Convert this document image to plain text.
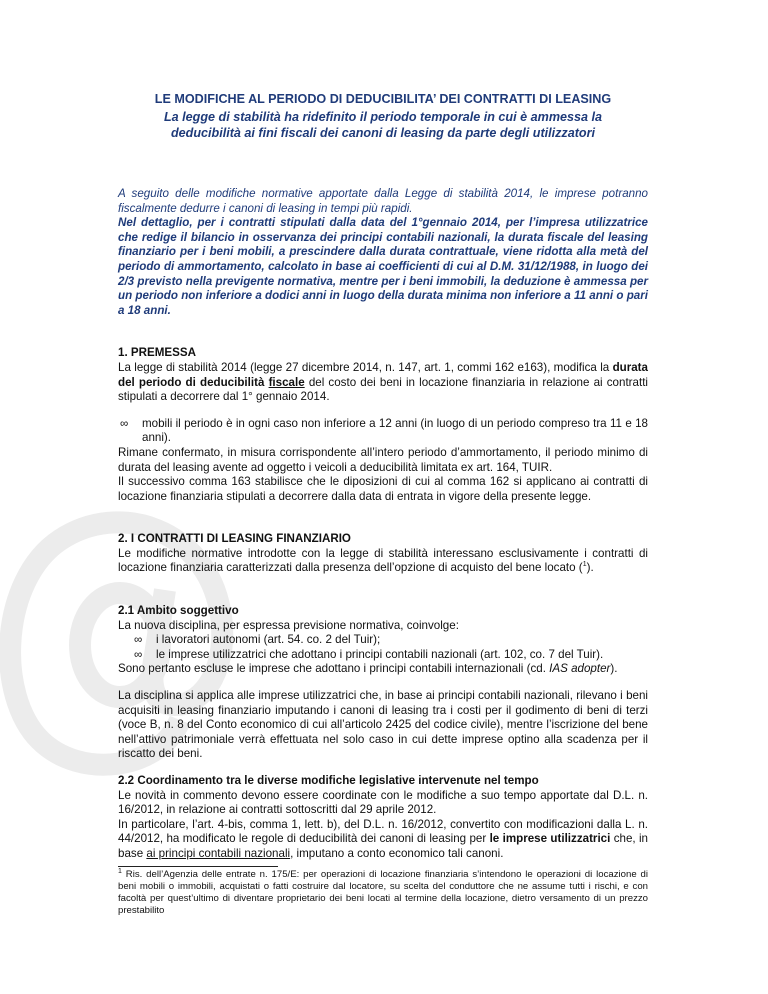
LE MODIFICHE AL PERIODO DI DEDUCIBILITA’ DEI CONTRATTI DI LEASING

La legge di stabilità ha ridefinito il periodo temporale in cui è ammessa la
deducibilità ai fini fiscali dei canoni di leasing da parte degli utilizzatori

A seguito delle modifiche normative apportate dalla Legge di stabilità 2014, le imprese potranno fiscalmente dedurre i canoni di leasing in tempi più rapidi.

Nel dettaglio, per i contratti stipulati dalla data del 1°gennaio 2014, per l’impresa utilizzatrice che redige il bilancio in osservanza dei principi contabili nazionali, la durata fiscale del leasing finanziario per i beni mobili, a prescindere dalla durata contrattuale, viene ridotta alla metà del periodo di ammortamento, calcolato in base ai coefficienti di cui al D.M. 31/12/1988, in luogo dei 2/3 previsto nella previgente normativa, mentre per i beni immobili, la deduzione è ammessa per un periodo non inferiore a dodici anni in luogo della durata minima non inferiore a 11 anni o pari a 18 anni.

1. PREMESSA

La legge di stabilità 2014 (legge 27 dicembre 2014, n. 147, art. 1, commi 162 e163), modifica la durata del periodo di deducibilità fiscale del costo dei beni in locazione finanziaria in relazione ai contratti stipulati a decorrere dal 1° gennaio 2014.

∞	mobili il periodo è in ogni caso non inferiore a 12 anni (in luogo di un periodo compreso tra 11 e 18 anni).

Rimane confermato, in misura corrispondente all’intero periodo d’ammortamento, il periodo minimo di durata del leasing avente ad oggetto i veicoli a deducibilità limitata ex art. 164, TUIR.

Il successivo comma 163 stabilisce che le diposizioni di cui al comma 162 si applicano ai contratti di locazione finanziaria stipulati a decorrere dalla data di entrata in vigore della presente legge.

2. I CONTRATTI DI LEASING FINANZIARIO

Le modifiche normative introdotte con la legge di stabilità interessano esclusivamente i contratti di locazione finanziaria caratterizzati dalla presenza dell’opzione di acquisto del bene locato ($^1$).

2.1 Ambito soggettivo

La nuova disciplina, per espressa previsione normativa, coinvolge:

∞	i lavoratori autonomi (art. 54. co. 2 del Tuir);
∞	le imprese utilizzatrici che adottano i principi contabili nazionali (art. 102, co. 7 del Tuir).

Sono pertanto escluse le imprese che adottano i principi contabili internazionali (cd. IAS adopter).

La disciplina si applica alle imprese utilizzatrici che, in base ai principi contabili nazionali, rilevano i beni acquisiti in leasing finanziario imputando i canoni di leasing tra i costi per il godimento di beni di terzi (voce B, n. 8 del Conto economico di cui all’articolo 2425 del codice civile), mentre l’iscrizione del bene nell’attivo patrimoniale verrà effettuata nel solo caso in cui dette imprese optino alla scadenza per il riscatto dei beni.

2.2 Coordinamento tra le diverse modifiche legislative intervenute nel tempo

Le novità in commento devono essere coordinate con le modifiche a suo tempo apportate dal D.L. n. 16/2012, in relazione ai contratti sottoscritti dal 29 aprile 2012.

In particolare, l’art. 4-bis, comma 1, lett. b), del D.L. n. 16/2012, convertito con modificazioni dalla L. n. 44/2012, ha modificato le regole di deducibilità dei canoni di leasing per le imprese utilizzatrici che, in base ai principi contabili nazionali, imputano a conto economico tali canoni.

$^1$ Ris. dell’Agenzia delle entrate n. 175/E: per operazioni di locazione finanziaria s’intendono le operazioni di locazione di beni mobili o immobili, acquistati o fatti costruire dal locatore, su scelta del conduttore che ne assume tutti i rischi, e con facoltà per quest’ultimo di diventare proprietario dei beni locati al termine della locazione, dietro versamento di un prezzo prestabilito
